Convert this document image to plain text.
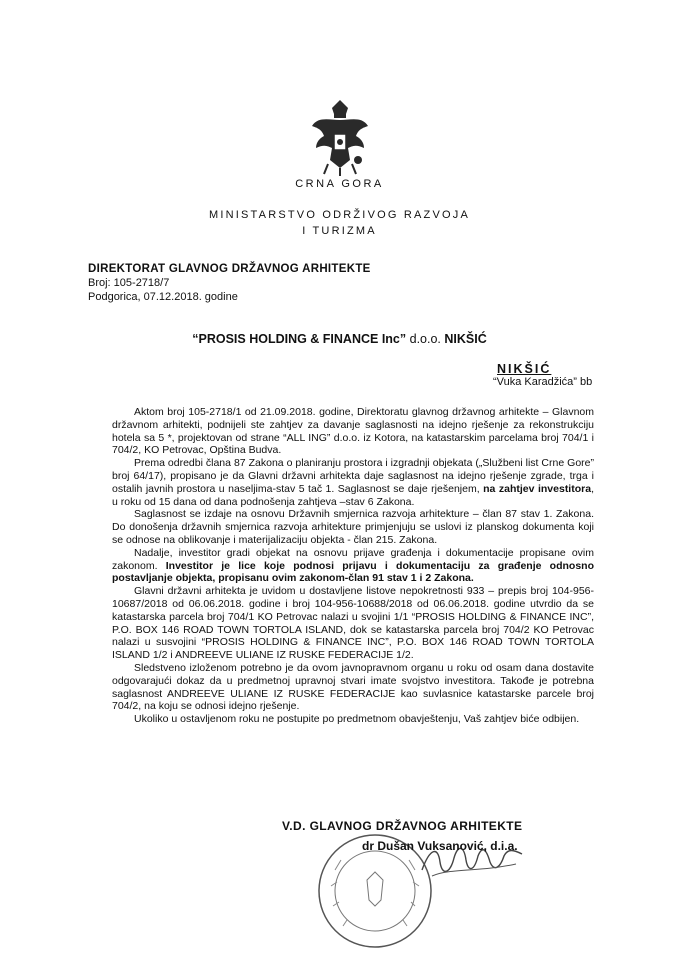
CRNA GORA
MINISTARSTVO ODRŽIVOG RAZVOJA
I TURIZMA
DIREKTORAT GLAVNOG DRŽAVNOG ARHITEKTE
Broj: 105-2718/7
Podgorica, 07.12.2018. godine
“PROSIS HOLDING & FINANCE Inc” d.o.o. NIKŠIĆ
NIKŠIĆ
“Vuka Karadžića” bb

Aktom broj 105-2718/1 od 21.09.2018. godine, Direktoratu glavnog državnog arhitekte – Glavnom državnom arhitekti, podnijeli ste zahtjev za davanje saglasnosti na idejno rješenje za rekonstrukciju hotela sa 5 *, projektovan od strane “ALL ING” d.o.o. iz Kotora, na katastarskim parcelama broj 704/1 i 704/2, KO Petrovac, Opština Budva.

Prema odredbi člana 87 Zakona o planiranju prostora i izgradnji objekata („Službeni list Crne Gore” broj 64/17), propisano je da Glavni državni arhitekta daje saglasnost na idejno rješenje zgrade, trga i ostalih javnih prostora u naseljima-stav 5 tač 1. Saglasnost se daje rješenjem, na zahtjev investitora, u roku od 15 dana od dana podnošenja zahtjeva –stav 6 Zakona.

Saglasnost se izdaje na osnovu Državnih smjernica razvoja arhitekture – član 87 stav 1. Zakona. Do donošenja državnih smjernica razvoja arhitekture primjenjuju se uslovi iz planskog dokumenta koji se odnose na oblikovanje i materijalizaciju objekta - član 215. Zakona.

Nadalje, investitor gradi objekat na osnovu prijave građenja i dokumentacije propisane ovim zakonom. Investitor je lice koje podnosi prijavu i dokumentaciju za građenje odnosno postavljanje objekta, propisanu ovim zakonom-član 91 stav 1 i 2 Zakona.

Glavni državni arhitekta je uvidom u dostavljene listove nepokretnosti 933 – prepis broj 104-956-10687/2018 od 06.06.2018. godine i broj 104-956-10688/2018 od 06.06.2018. godine utvrdio da se katastarska parcela broj 704/1 KO Petrovac nalazi u svojini 1/1 “PROSIS HOLDING & FINANCE INC”, P.O. BOX 146 ROAD TOWN TORTOLA ISLAND, dok se katastarska parcela broj 704/2 KO Petrovac nalazi u susvojini “PROSIS HOLDING & FINANCE INC”, P.O. BOX 146 ROAD TOWN TORTOLA ISLAND 1/2 i ANDREEVE ULIANE IZ RUSKE FEDERACIJE 1/2.

Sledstveno izloženom potrebno je da ovom javnopravnom organu u roku od osam dana dostavite odgovarajući dokaz da u predmetnoj upravnoj stvari imate svojstvo investitora. Takođe je potrebna saglasnost ANDREEVE ULIANE IZ RUSKE FEDERACIJE kao suvlasnice katastarske parcele broj 704/2, na koju se odnosi idejno rješenje.

Ukoliko u ostavljenom roku ne postupite po predmetnom obavještenju, Vaš zahtjev biće odbijen.

V.D. GLAVNOG DRŽAVNOG ARHITEKTE
dr Dušan Vuksanović, d.i.a.
